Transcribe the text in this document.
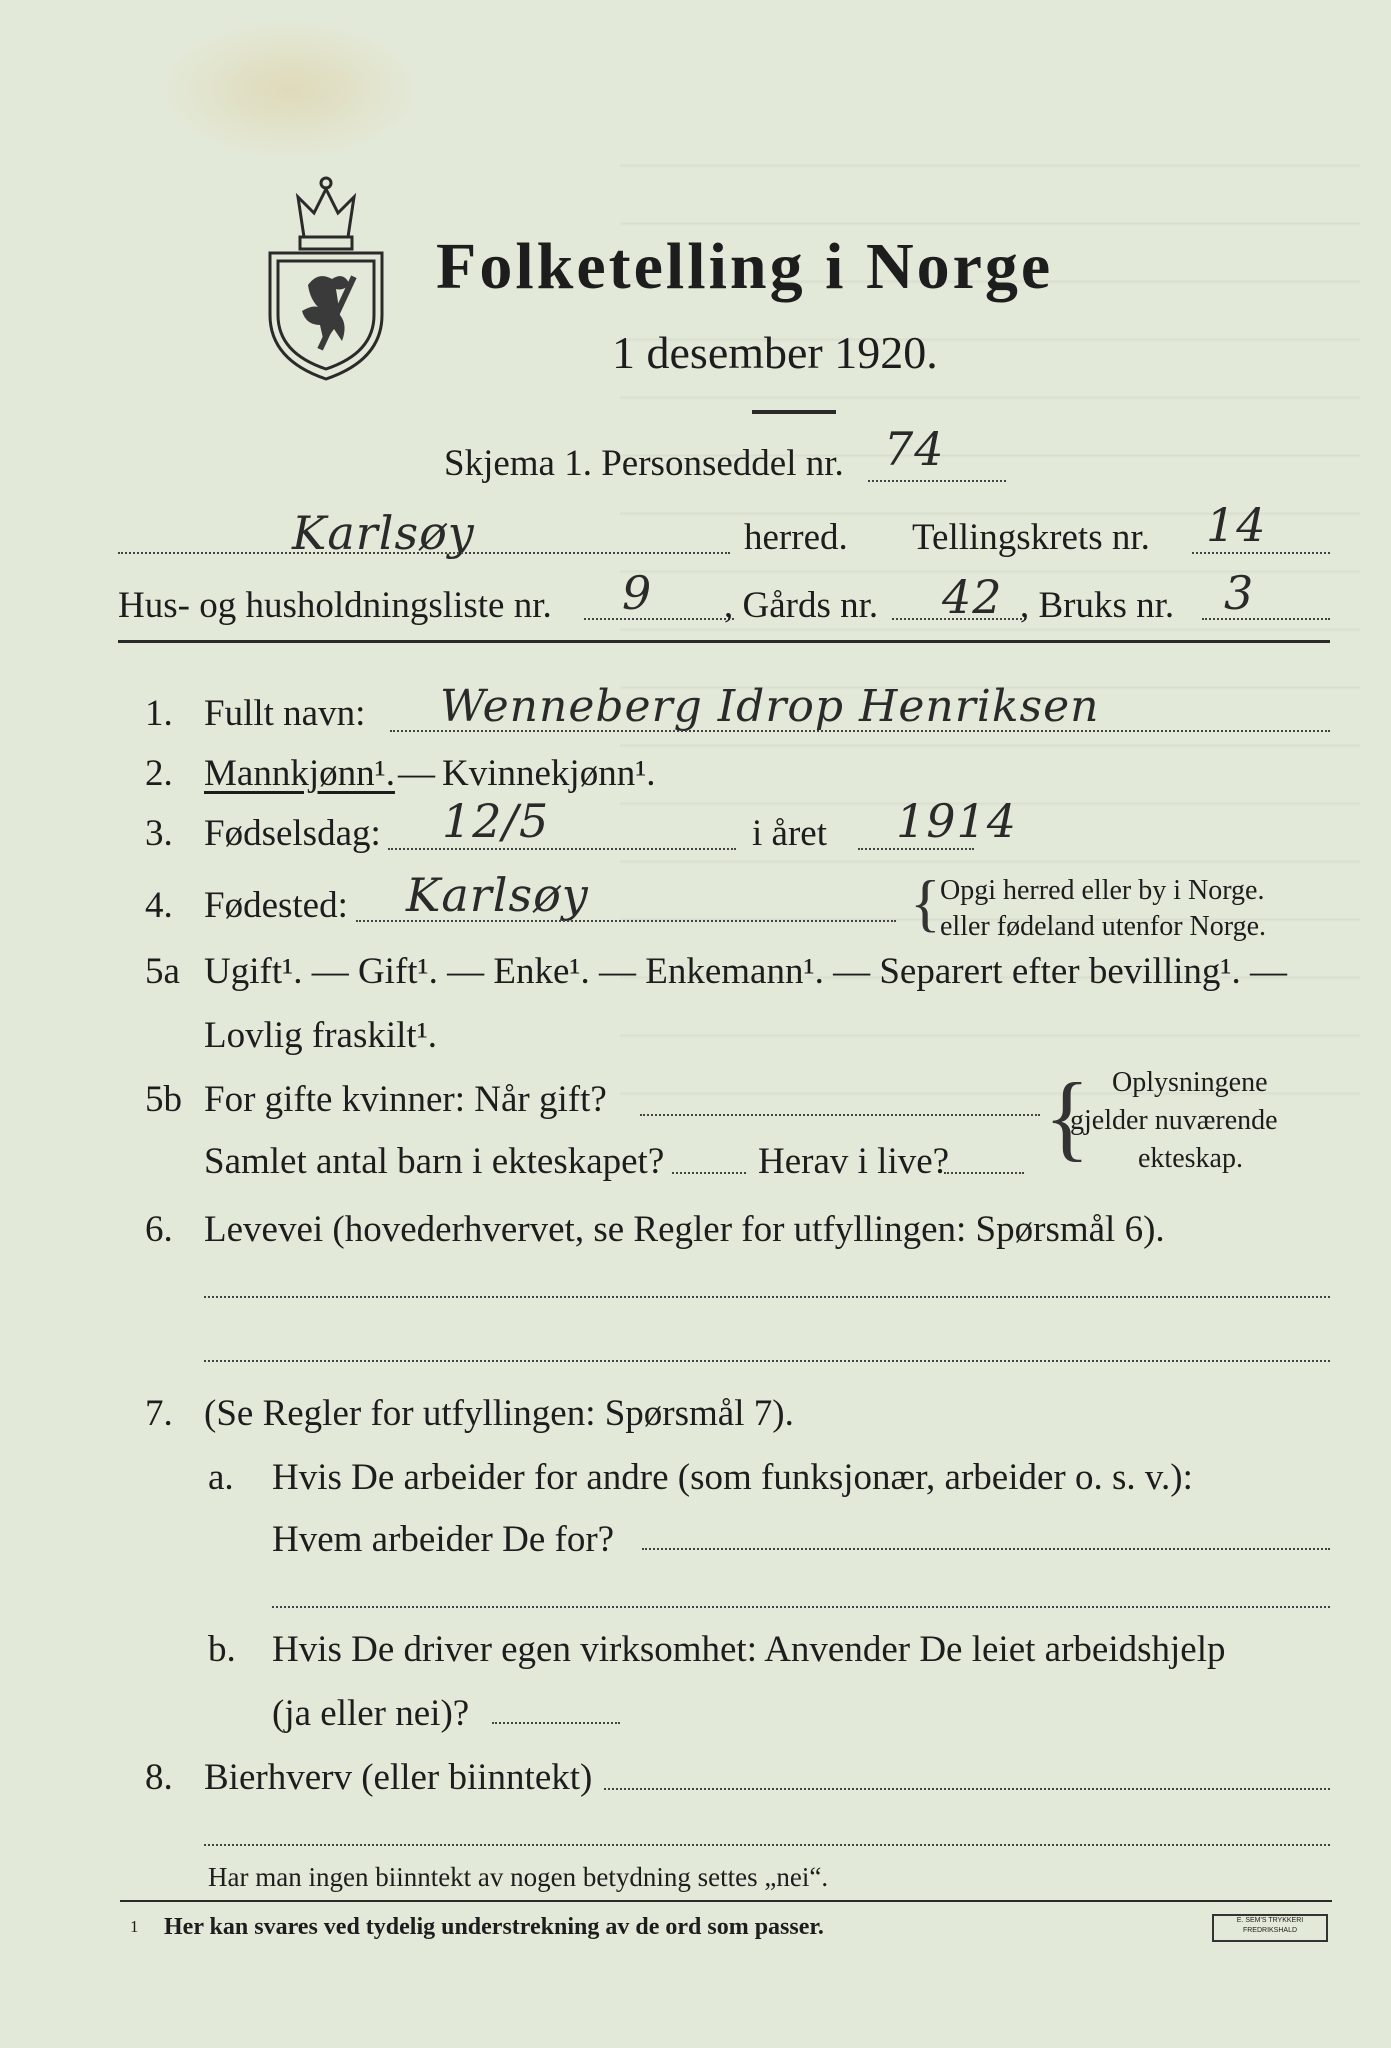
Folketelling i Norge
1 desember 1920.
Skjema 1. Personseddel nr. 74
Karlsøy	herred. Tellingskrets nr. 14
Hus- og husholdningsliste nr. 9 , Gårds nr. 42 , Bruks nr. 3
1. Fullt navn: Wenneberg Idrop Henriksen
2. Mannkjønn¹. — Kvinnekjønn¹.
3. Fødselsdag: 12/5	i året 1914
4. Fødested: Karlsøy	{ Opgi herred eller by i Norge.
eller fødeland utenfor Norge.
5a Ugift¹. — Gift¹. — Enke¹. — Enkemann¹. — Separert efter bevilling¹. —
Lovlig fraskilt¹.
5b For gifte kvinner: Når gift?
Samlet antal barn i ekteskapet?	Herav i live? { Oplysningene
gjelder nuværende
ekteskap.
6. Levevei (hovederhvervet, se Regler for utfyllingen: Spørsmål 6).
7. (Se Regler for utfyllingen: Spørsmål 7).
a. Hvis De arbeider for andre (som funksjonær, arbeider o. s. v.):
Hvem arbeider De for?
b. Hvis De driver egen virksomhet: Anvender De leiet arbeidshjelp
(ja eller nei)?
8. Bierhverv (eller biinntekt)
Har man ingen biinntekt av nogen betydning settes „nei“.
1 Her kan svares ved tydelig understrekning av de ord som passer.	E. SEM'S TRYKKERI FREDRIKSHALD
